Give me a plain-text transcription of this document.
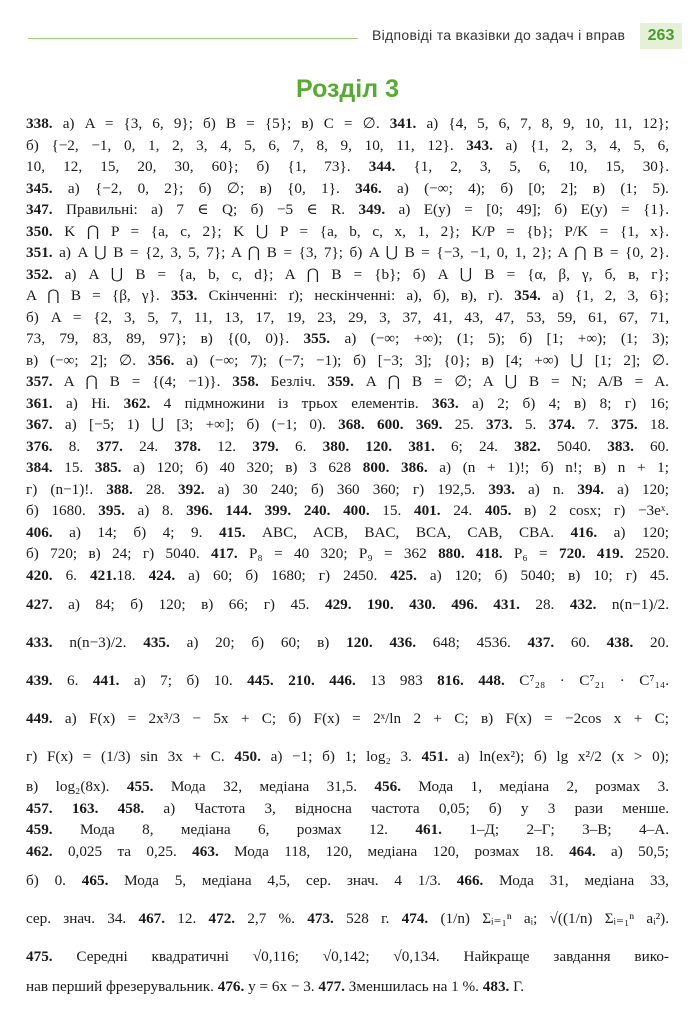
Відповіді та вказівки до задач і вправ	263
Розділ 3
338. а) A = {3, 6, 9}; б) B = {5}; в) C = ∅. 341. а) {4, 5, 6, 7, 8, 9, 10, 11, 12};
б) {−2, −1, 0, 1, 2, 3, 4, 5, 6, 7, 8, 9, 10, 11, 12}. 343. а) {1, 2, 3, 4, 5, 6,
10, 12, 15, 20, 30, 60}; б) {1, 73}. 344. {1, 2, 3, 5, 6, 10, 15, 30}.
345. а) {−2, 0, 2}; б) ∅; в) {0, 1}. 346. а) (−∞; 4); б) [0; 2]; в) (1; 5).
347. Правильні: а) 7 ∈ Q; б) −5 ∈ R. 349. а) E(y) = [0; 49]; б) E(y) = {1}.
350. K ⋂ P = {a, c, 2}; K ⋃ P = {a, b, c, x, 1, 2}; K/P = {b}; P/K = {1, x}.
351. а) A ⋃ B = {2, 3, 5, 7}; A ⋂ B = {3, 7}; б) A ⋃ B = {−3, −1, 0, 1, 2}; A ⋂ B = {0, 2}.
352. а) A ⋃ B = {a, b, c, d}; A ⋂ B = {b}; б) A ⋃ B = {α, β, γ, б, в, г};
A ⋂ B = {β, γ}. 353. Скінченні: ґ); нескінченні: а), б), в), г). 354. а) {1, 2, 3, 6};
б) A = {2, 3, 5, 7, 11, 13, 17, 19, 23, 29, 3, 37, 41, 43, 47, 53, 59, 61, 67, 71,
73, 79, 83, 89, 97}; в) {(0, 0)}. 355. а) (−∞; +∞); (1; 5); б) [1; +∞); (1; 3);
в) (−∞; 2]; ∅. 356. а) (−∞; 7); (−7; −1); б) [−3; 3]; {0}; в) [4; +∞) ⋃ [1; 2]; ∅.
357. A ⋂ B = {(4; −1)}. 358. Безліч. 359. A ⋂ B = ∅; A ⋃ B = N; A/B = A.
361. а) Ні. 362. 4 підмножини із трьох елементів. 363. а) 2; б) 4; в) 8; г) 16;
367. а) [−5; 1) ⋃ [3; +∞]; б) (−1; 0). 368. 600. 369. 25. 373. 5. 374. 7. 375. 18.
376. 8. 377. 24. 378. 12. 379. 6. 380. 120. 381. 6; 24. 382. 5040. 383. 60.
384. 15. 385. а) 120; б) 40 320; в) 3 628 800. 386. а) (n + 1)!; б) n!; в) n + 1;
г) (n−1)!. 388. 28. 392. а) 30 240; б) 360 360; г) 192,5. 393. а) n. 394. а) 120;
б) 1680. 395. а) 8. 396. 144. 399. 240. 400. 15. 401. 24. 405. в) 2 cosx; г) −3eˣ.
406. а) 14; б) 4; 9. 415. ABC, ACB, BAC, BCA, CAB, CBA. 416. а) 120;
б) 720; в) 24; г) 5040. 417. P₈ = 40 320; P₉ = 362 880. 418. P₆ = 720. 419. 2520.
420. 6. 421.18. 424. а) 60; б) 1680; г) 2450. 425. а) 120; б) 5040; в) 10; г) 45.
427. а) 84; б) 120; в) 66; г) 45. 429. 190. 430. 496. 431. 28. 432. n(n−1)/2.
433. n(n−3)/2. 435. а) 20; б) 60; в) 120. 436. 648; 4536. 437. 60. 438. 20.
439. 6. 441. а) 7; б) 10. 445. 210. 446. 13 983 816. 448. C⁷₂₈ · C⁷₂₁ · C⁷₁₄.
449. а) F(x) = 2x³/3 − 5x + C; б) F(x) = 2ˣ/ln 2 + C; в) F(x) = −2cos x + C;
г) F(x) = (1/3) sin 3x + C. 450. а) −1; б) 1; log₂ 3. 451. а) ln(ex²); б) lg x²/2 (x > 0);
в) log₂(8x). 455. Мода 32, медіана 31,5. 456. Мода 1, медіана 2, розмах 3.
457. 163. 458. а) Частота 3, відносна частота 0,05; б) у 3 рази менше.
459. Мода 8, медіана 6, розмах 12. 461. 1–Д; 2–Г; 3–В; 4–А.
462. 0,025 та 0,25. 463. Мода 118, 120, медіана 120, розмах 18. 464. а) 50,5;
б) 0. 465. Мода 5, медіана 4,5, сер. знач. 4 1/3. 466. Мода 31, медіана 33,
сер. знач. 34. 467. 12. 472. 2,7 %. 473. 528 г. 474. (1/n) Σᵢ₌₁ⁿ aᵢ; √((1/n) Σᵢ₌₁ⁿ aᵢ²).
475. Середні квадратичні √0,116; √0,142; √0,134. Найкраще завдання вико-
нав перший фрезерувальник. 476. y = 6x − 3. 477. Зменшилась на 1 %. 483. Г.
